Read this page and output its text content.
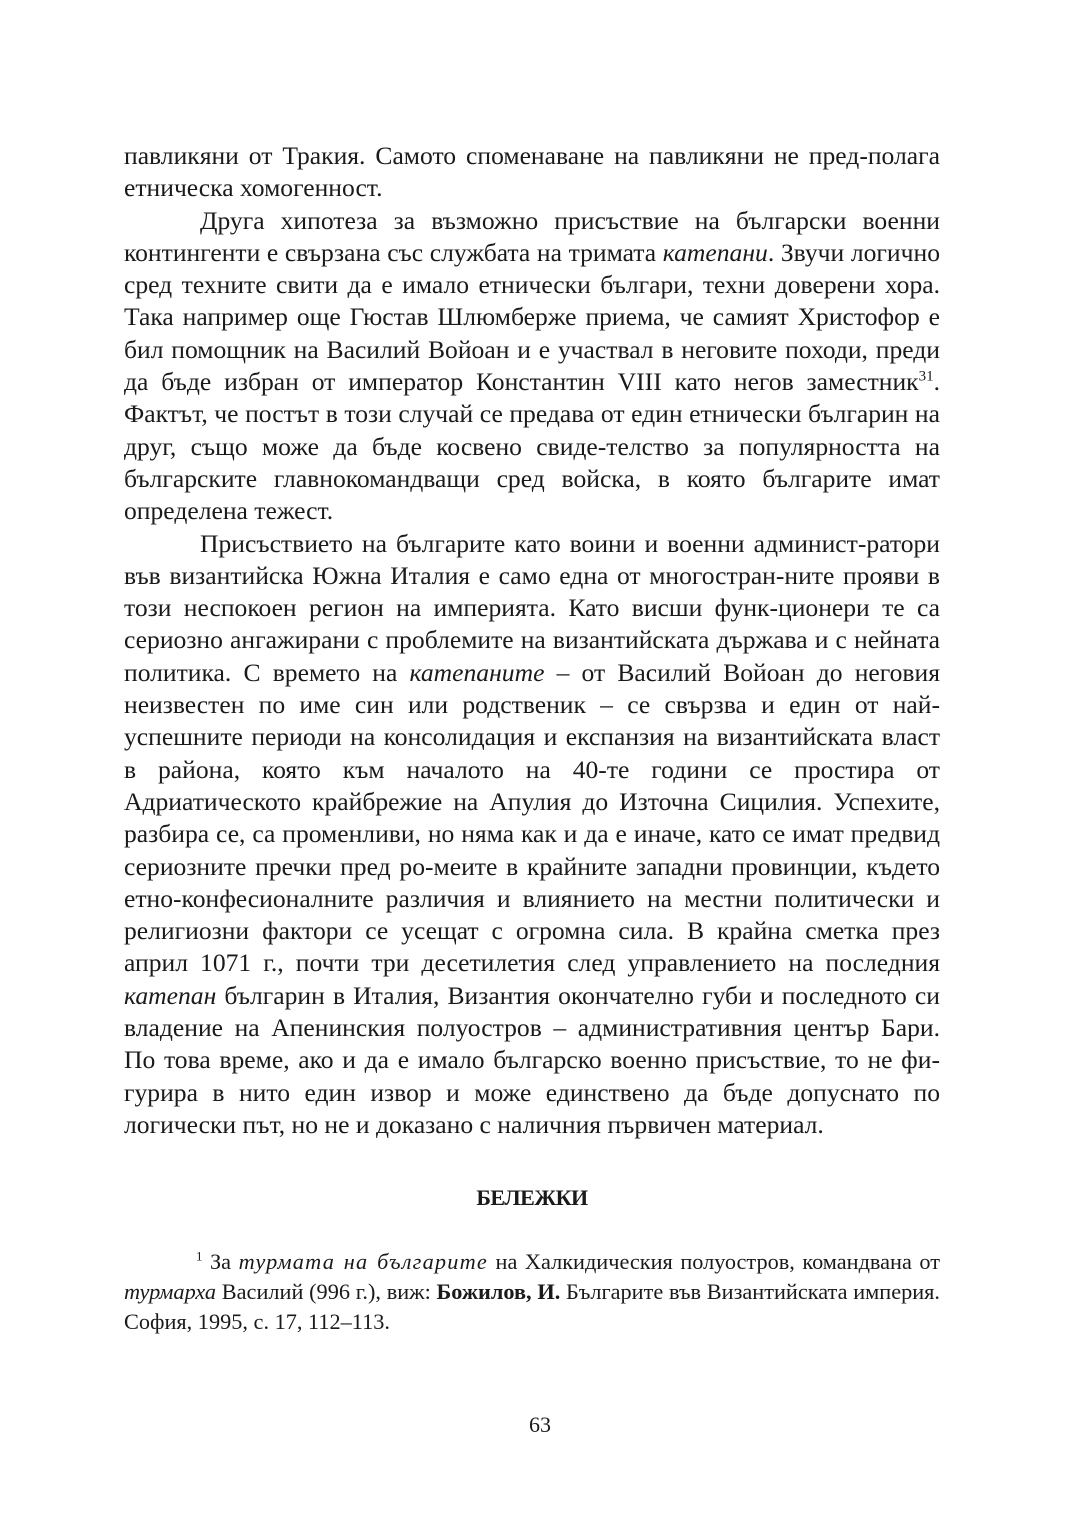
павликяни от Тракия. Самото споменаване на павликяни не пред-полага етническа хомогенност.

Друга хипотеза за възможно присъствие на български военни контингенти е свързана със службата на тримата катепани. Звучи логично сред техните свити да е имало етнически българи, техни доверени хора. Така например още Гюстав Шлюмберже приема, че самият Христофор е бил помощник на Василий Войоан и е участвал в неговите походи, преди да бъде избран от император Константин VIII като негов заместник$^{31}$. Фактът, че постът в този случай се предава от един етнически българин на друг, също може да бъде косвено свиде-телство за популярността на българските главнокомандващи сред войска, в която българите имат определена тежест.

Присъствието на българите като воини и военни админист-ратори във византийска Южна Италия е само една от многостран-ните прояви в този неспокоен регион на империята. Като висши функ-ционери те са сериозно ангажирани с проблемите на византийската държава и с нейната политика. С времето на катепаните – от Василий Войоан до неговия неизвестен по име син или родственик – се свързва и един от най-успешните периоди на консолидация и експанзия на византийската власт в района, която към началото на 40-те години се простира от Адриатическото крайбрежие на Апулия до Източна Сицилия. Успехите, разбира се, са променливи, но няма как и да е иначе, като се имат предвид сериозните пречки пред ро-меите в крайните западни провинции, където етно-конфесионалните различия и влиянието на местни политически и религиозни фактори се усещат с огромна сила. В крайна сметка през април 1071 г., почти три десетилетия след управлението на последния катепан българин в Италия, Византия окончателно губи и последното си владение на Апенинския полуостров – административния център Бари. По това време, ако и да е имало българско военно присъствие, то не фи-гурира в нито един извор и може единствено да бъде допуснато по логически път, но не и доказано с наличния първичен материал.

БЕЛЕЖКИ

$^1$ За турмата на българите на Халкидическия полуостров, командвана от турмарха Василий (996 г.), виж: Божилов, И. Българите във Византийската империя. София, 1995, с. 17, 112–113.

63
